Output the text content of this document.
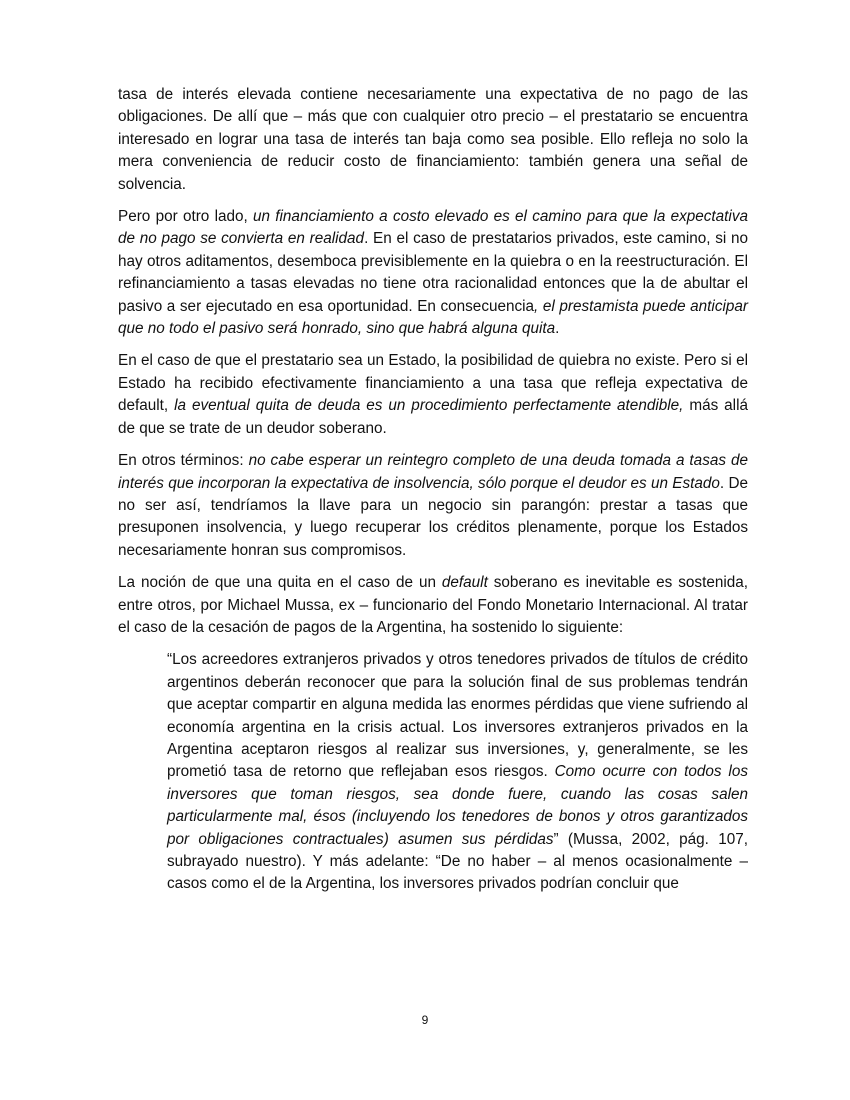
tasa de interés elevada contiene necesariamente una expectativa de no pago de las obligaciones. De allí que – más que con cualquier otro precio – el prestatario se encuentra interesado en lograr una tasa de interés tan baja como sea posible. Ello refleja no solo la mera conveniencia de reducir costo de financiamiento: también genera una señal de solvencia.

Pero por otro lado, un financiamiento a costo elevado es el camino para que la expectativa de no pago se convierta en realidad. En el caso de prestatarios privados, este camino, si no hay otros aditamentos, desemboca previsiblemente en la quiebra o en la reestructuración. El refinanciamiento a tasas elevadas no tiene otra racionalidad entonces que la de abultar el pasivo a ser ejecutado en esa oportunidad. En consecuencia, el prestamista puede anticipar que no todo el pasivo será honrado, sino que habrá alguna quita.

En el caso de que el prestatario sea un Estado, la posibilidad de quiebra no existe. Pero si el Estado ha recibido efectivamente financiamiento a una tasa que refleja expectativa de default, la eventual quita de deuda es un procedimiento perfectamente atendible, más allá de que se trate de un deudor soberano.

En otros términos: no cabe esperar un reintegro completo de una deuda tomada a tasas de interés que incorporan la expectativa de insolvencia, sólo porque el deudor es un Estado. De no ser así, tendríamos la llave para un negocio sin parangón: prestar a tasas que presuponen insolvencia, y luego recuperar los créditos plenamente, porque los Estados necesariamente honran sus compromisos.

La noción de que una quita en el caso de un default soberano es inevitable es sostenida, entre otros, por Michael Mussa, ex – funcionario del Fondo Monetario Internacional. Al tratar el caso de la cesación de pagos de la Argentina, ha sostenido lo siguiente:

“Los acreedores extranjeros privados y otros tenedores privados de títulos de crédito argentinos deberán reconocer que para la solución final de sus problemas tendrán que aceptar compartir en alguna medida las enormes pérdidas que viene sufriendo al economía argentina en la crisis actual. Los inversores extranjeros privados en la Argentina aceptaron riesgos al realizar sus inversiones, y, generalmente, se les prometió tasa de retorno que reflejaban esos riesgos. Como ocurre con todos los inversores que toman riesgos, sea donde fuere, cuando las cosas salen particularmente mal, ésos (incluyendo los tenedores de bonos y otros garantizados por obligaciones contractuales) asumen sus pérdidas” (Mussa, 2002, pág. 107, subrayado nuestro). Y más adelante: “De no haber – al menos ocasionalmente – casos como el de la Argentina, los inversores privados podrían concluir que
9
